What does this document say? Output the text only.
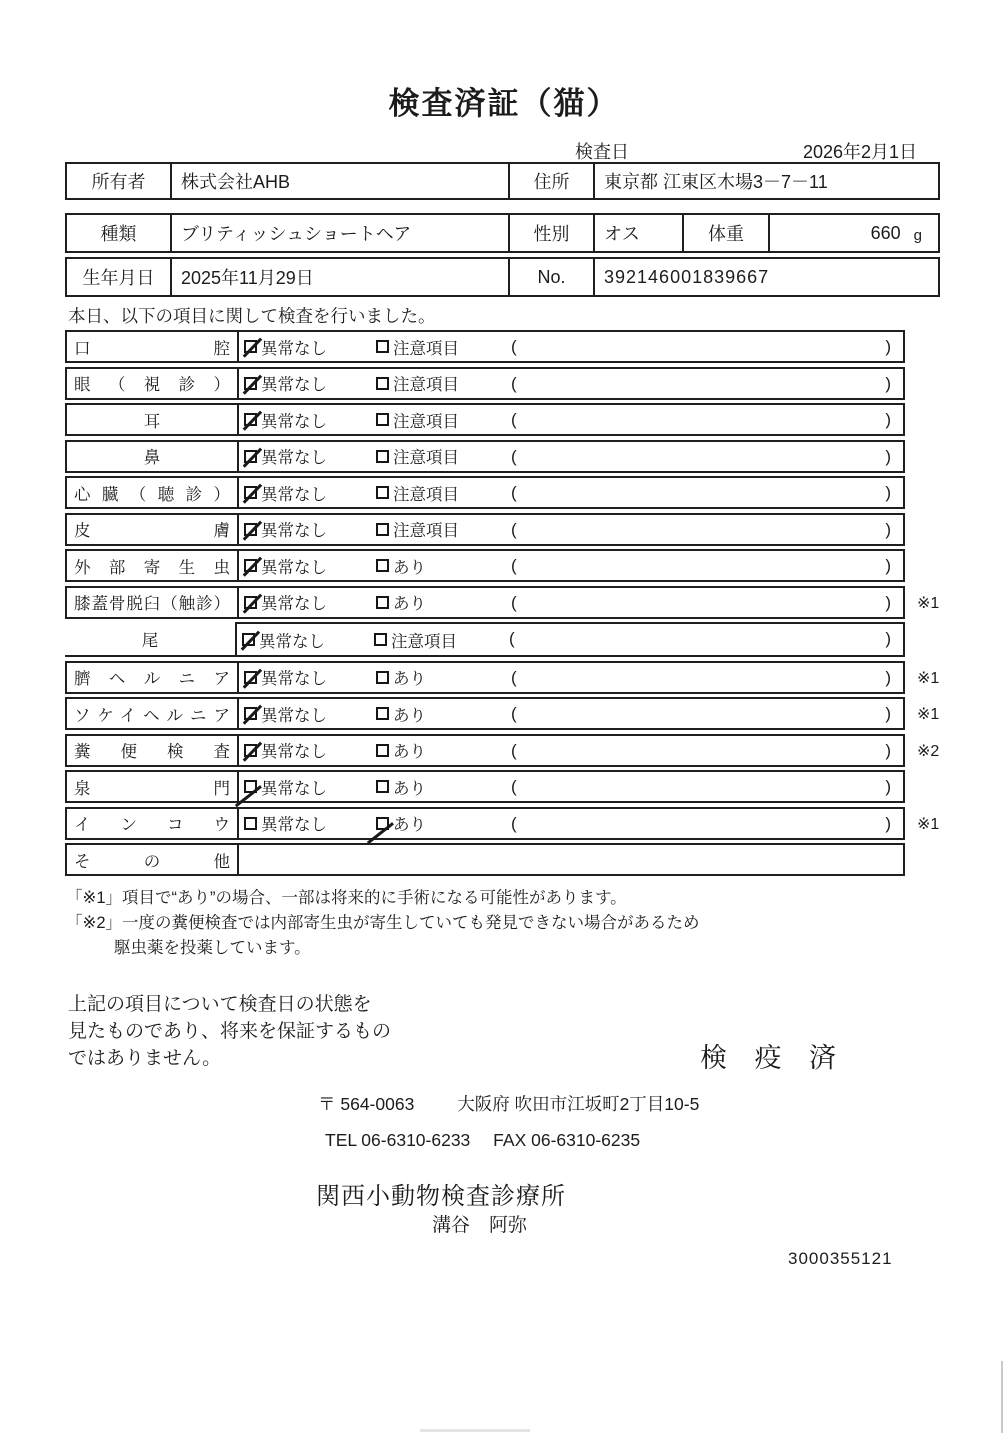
検査済証（猫）
検査日	2026年2月1日
所有者	株式会社AHB	住所	東京都 江東区木場3－7－11
種類	ブリティッシュショートヘア	性別	オス	体重	660 g
生年月日	2025年11月29日	No.	392146001839667
本日、以下の項目に関して検査を行いました。
口腔 異常なし	注意項目	(	)
眼（視診） 異常なし	注意項目	(	)
耳	異常なし	注意項目	(	)
鼻	異常なし	注意項目	(	)
心臓（聴診） 異常なし	注意項目	(	)
皮膚 異常なし	注意項目	(	)
外部寄生虫 異常なし	あり	(	)
膝蓋骨脱臼（触診） 異常なし	あり	(	) ※1
尾	異常なし	注意項目	(	)
臍ヘルニア 異常なし	あり	(	) ※1
ソケイヘルニア 異常なし	あり	(	) ※1
糞便検査 異常なし	あり	(	) ※2
泉門 異常なし	あり	(	)
インコウ 異常なし	あり	(	) ※1
その他
「※1」項目で“あり”の場合、一部は将来的に手術になる可能性があります。
「※2」一度の糞便検査では内部寄生虫が寄生していても発見できない場合があるため
駆虫薬を投薬しています。
上記の項目について検査日の状態を
見たものであり、将来を保証するもの
ではありません。	検 疫 済
〒 564-0063 大阪府 吹田市江坂町2丁目10-5
TEL 06-6310-6233 FAX 06-6310-6235
関西小動物検査診療所
溝谷　阿弥
3000355121
